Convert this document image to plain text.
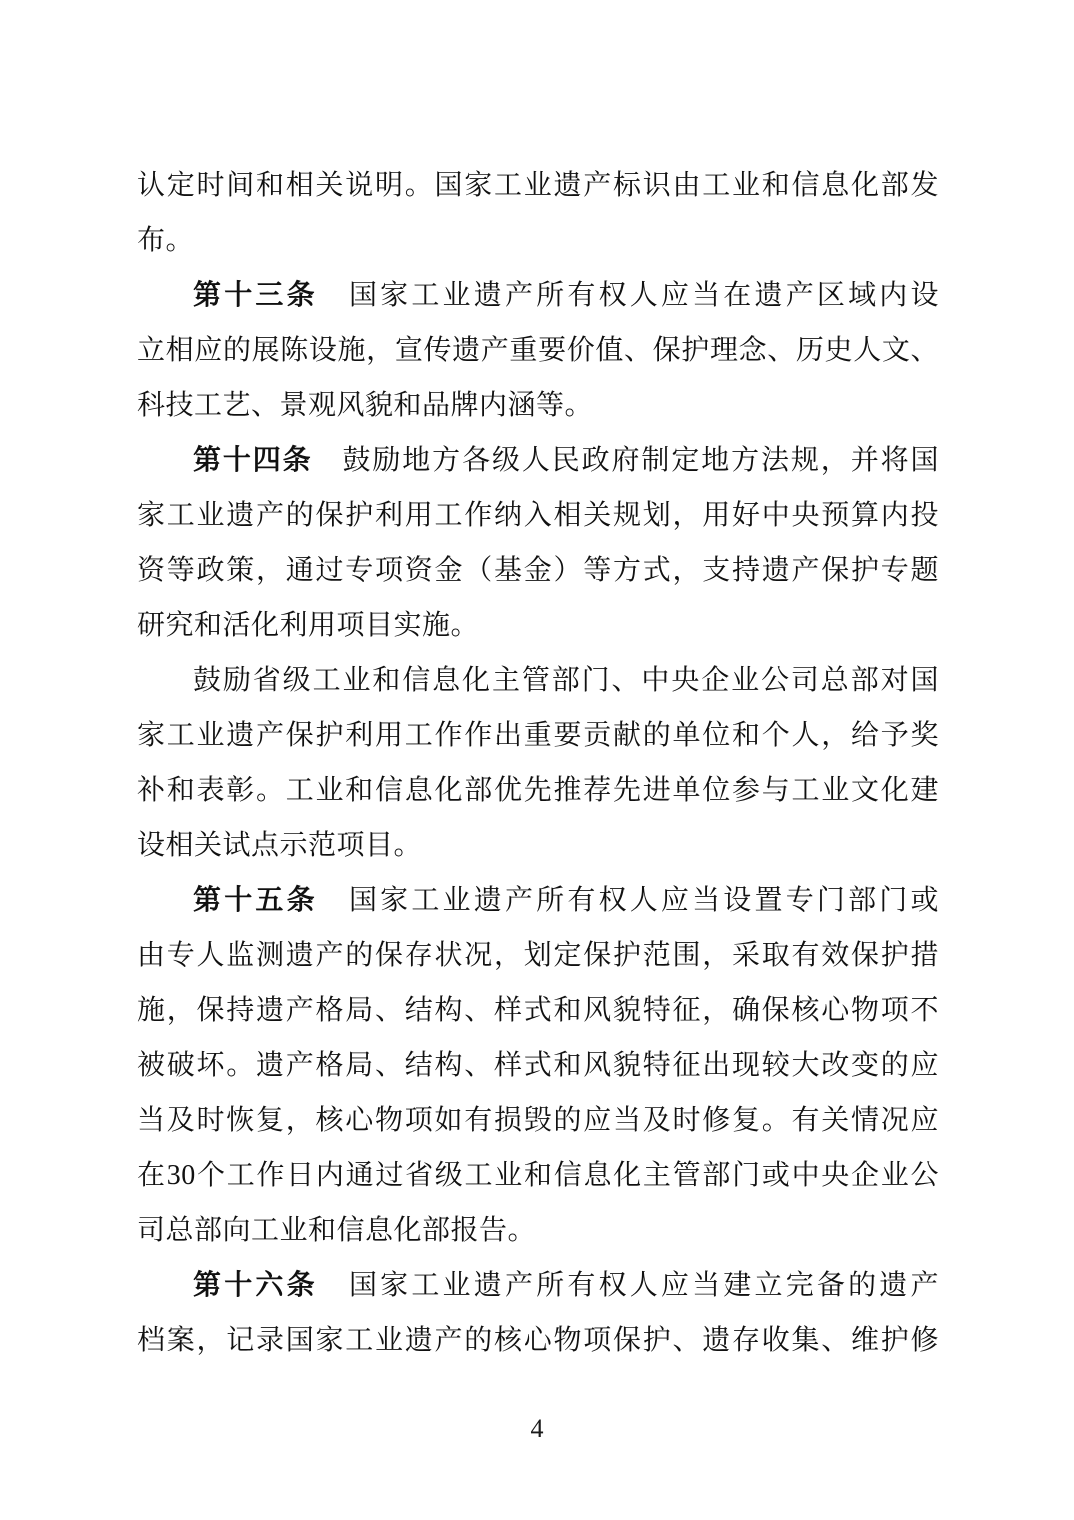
认定时间和相关说明。国家工业遗产标识由工业和信息化部发
布。
第十三条　国家工业遗产所有权人应当在遗产区域内设
立相应的展陈设施，宣传遗产重要价值、保护理念、历史人文、
科技工艺、景观风貌和品牌内涵等。
第十四条　鼓励地方各级人民政府制定地方法规，并将国
家工业遗产的保护利用工作纳入相关规划，用好中央预算内投
资等政策，通过专项资金（基金）等方式，支持遗产保护专题
研究和活化利用项目实施。
鼓励省级工业和信息化主管部门、中央企业公司总部对国
家工业遗产保护利用工作作出重要贡献的单位和个人，给予奖
补和表彰。工业和信息化部优先推荐先进单位参与工业文化建
设相关试点示范项目。
第十五条　国家工业遗产所有权人应当设置专门部门或
由专人监测遗产的保存状况，划定保护范围，采取有效保护措
施，保持遗产格局、结构、样式和风貌特征，确保核心物项不
被破坏。遗产格局、结构、样式和风貌特征出现较大改变的应
当及时恢复，核心物项如有损毁的应当及时修复。有关情况应
在30个工作日内通过省级工业和信息化主管部门或中央企业公
司总部向工业和信息化部报告。
第十六条　国家工业遗产所有权人应当建立完备的遗产
档案，记录国家工业遗产的核心物项保护、遗存收集、维护修
4
